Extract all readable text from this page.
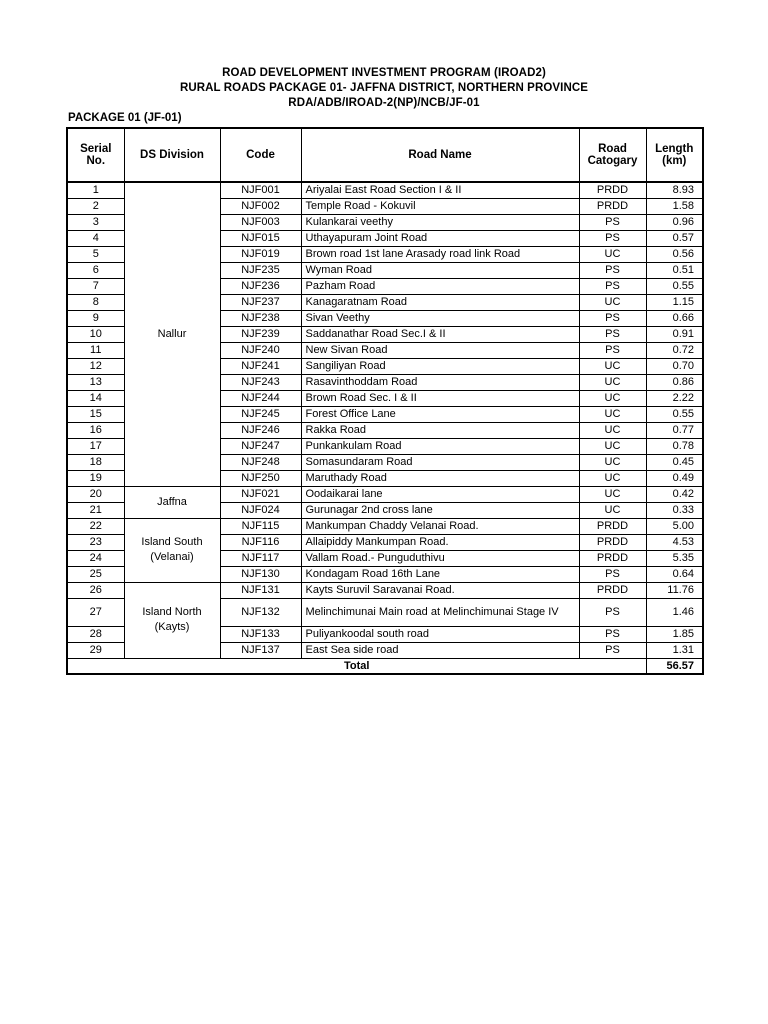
ROAD DEVELOPMENT INVESTMENT PROGRAM (IROAD2)
RURAL ROADS PACKAGE 01- JAFFNA DISTRICT, NORTHERN PROVINCE
RDA/ADB/IROAD-2(NP)/NCB/JF-01
PACKAGE 01 (JF-01)
Serial No.	DS Division	Code	Road Name	Road Catogary	Length (km)
1	Nallur	NJF001	Ariyalai East Road Section I & II	PRDD	8.93
2		NJF002	Temple Road - Kokuvil	PRDD	1.58
3		NJF003	Kulankarai veethy	PS	0.96
4		NJF015	Uthayapuram Joint Road	PS	0.57
5		NJF019	Brown road 1st lane Arasady road link Road	UC	0.56
6		NJF235	Wyman Road	PS	0.51
7		NJF236	Pazham Road	PS	0.55
8		NJF237	Kanagaratnam Road	UC	1.15
9		NJF238	Sivan Veethy	PS	0.66
10		NJF239	Saddanathar Road Sec.I & II	PS	0.91
11		NJF240	New Sivan Road	PS	0.72
12		NJF241	Sangiliyan Road	UC	0.70
13		NJF243	Rasavinthoddam Road	UC	0.86
14		NJF244	Brown Road Sec. I & II	UC	2.22
15		NJF245	Forest Office Lane	UC	0.55
16		NJF246	Rakka Road	UC	0.77
17		NJF247	Punkankulam Road	UC	0.78
18		NJF248	Somasundaram Road	UC	0.45
19		NJF250	Maruthady Road	UC	0.49
20	Jaffna	NJF021	Oodaikarai lane	UC	0.42
21		NJF024	Gurunagar 2nd cross lane	UC	0.33
22	Island South (Velanai)	NJF115	Mankumpan Chaddy Velanai Road.	PRDD	5.00
23		NJF116	Allaipiddy Mankumpan Road.	PRDD	4.53
24		NJF117	Vallam Road.- Punguduthivu	PRDD	5.35
25		NJF130	Kondagam Road 16th Lane	PS	0.64
26	Island North (Kayts)	NJF131	Kayts Suruvil Saravanai Road.	PRDD	11.76
27		NJF132	Melinchimunai Main road at Melinchimunai Stage IV	PS	1.46
28		NJF133	Puliyankoodal south road	PS	1.85
29		NJF137	East Sea side road	PS	1.31
Total					56.57
